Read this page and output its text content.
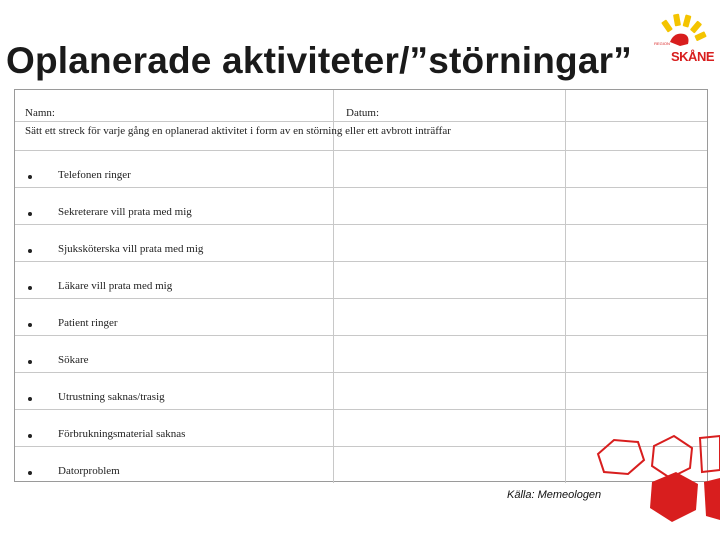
Oplanerade aktiviteter/”störningar”	REGION
SKÅNE
Namn:	Datum:
Sätt ett streck för varje gång en oplanerad aktivitet i form av en störning eller ett avbrott inträffar
Telefonen ringer
Sekreterare vill prata med mig
Sjuksköterska vill prata med mig
Läkare vill prata med mig
Patient ringer
Sökare
Utrustning saknas/trasig
Förbrukningsmaterial saknas
Datorproblem
Källa: Memeologen
